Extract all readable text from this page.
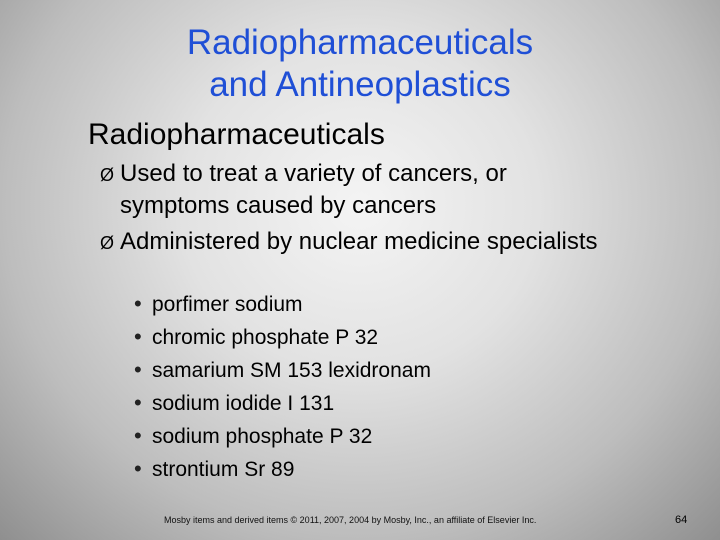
Radiopharmaceuticals
and Antineoplastics
Radiopharmaceuticals
Ø Used to treat a variety of cancers, or symptoms caused by cancers
Ø Administered by nuclear medicine specialists
• porfimer sodium
• chromic phosphate P 32
• samarium SM 153 lexidronam
• sodium iodide I 131
• sodium phosphate P 32
• strontium Sr 89
Mosby items and derived items © 2011, 2007, 2004 by Mosby, Inc., an affiliate of Elsevier Inc.	64
